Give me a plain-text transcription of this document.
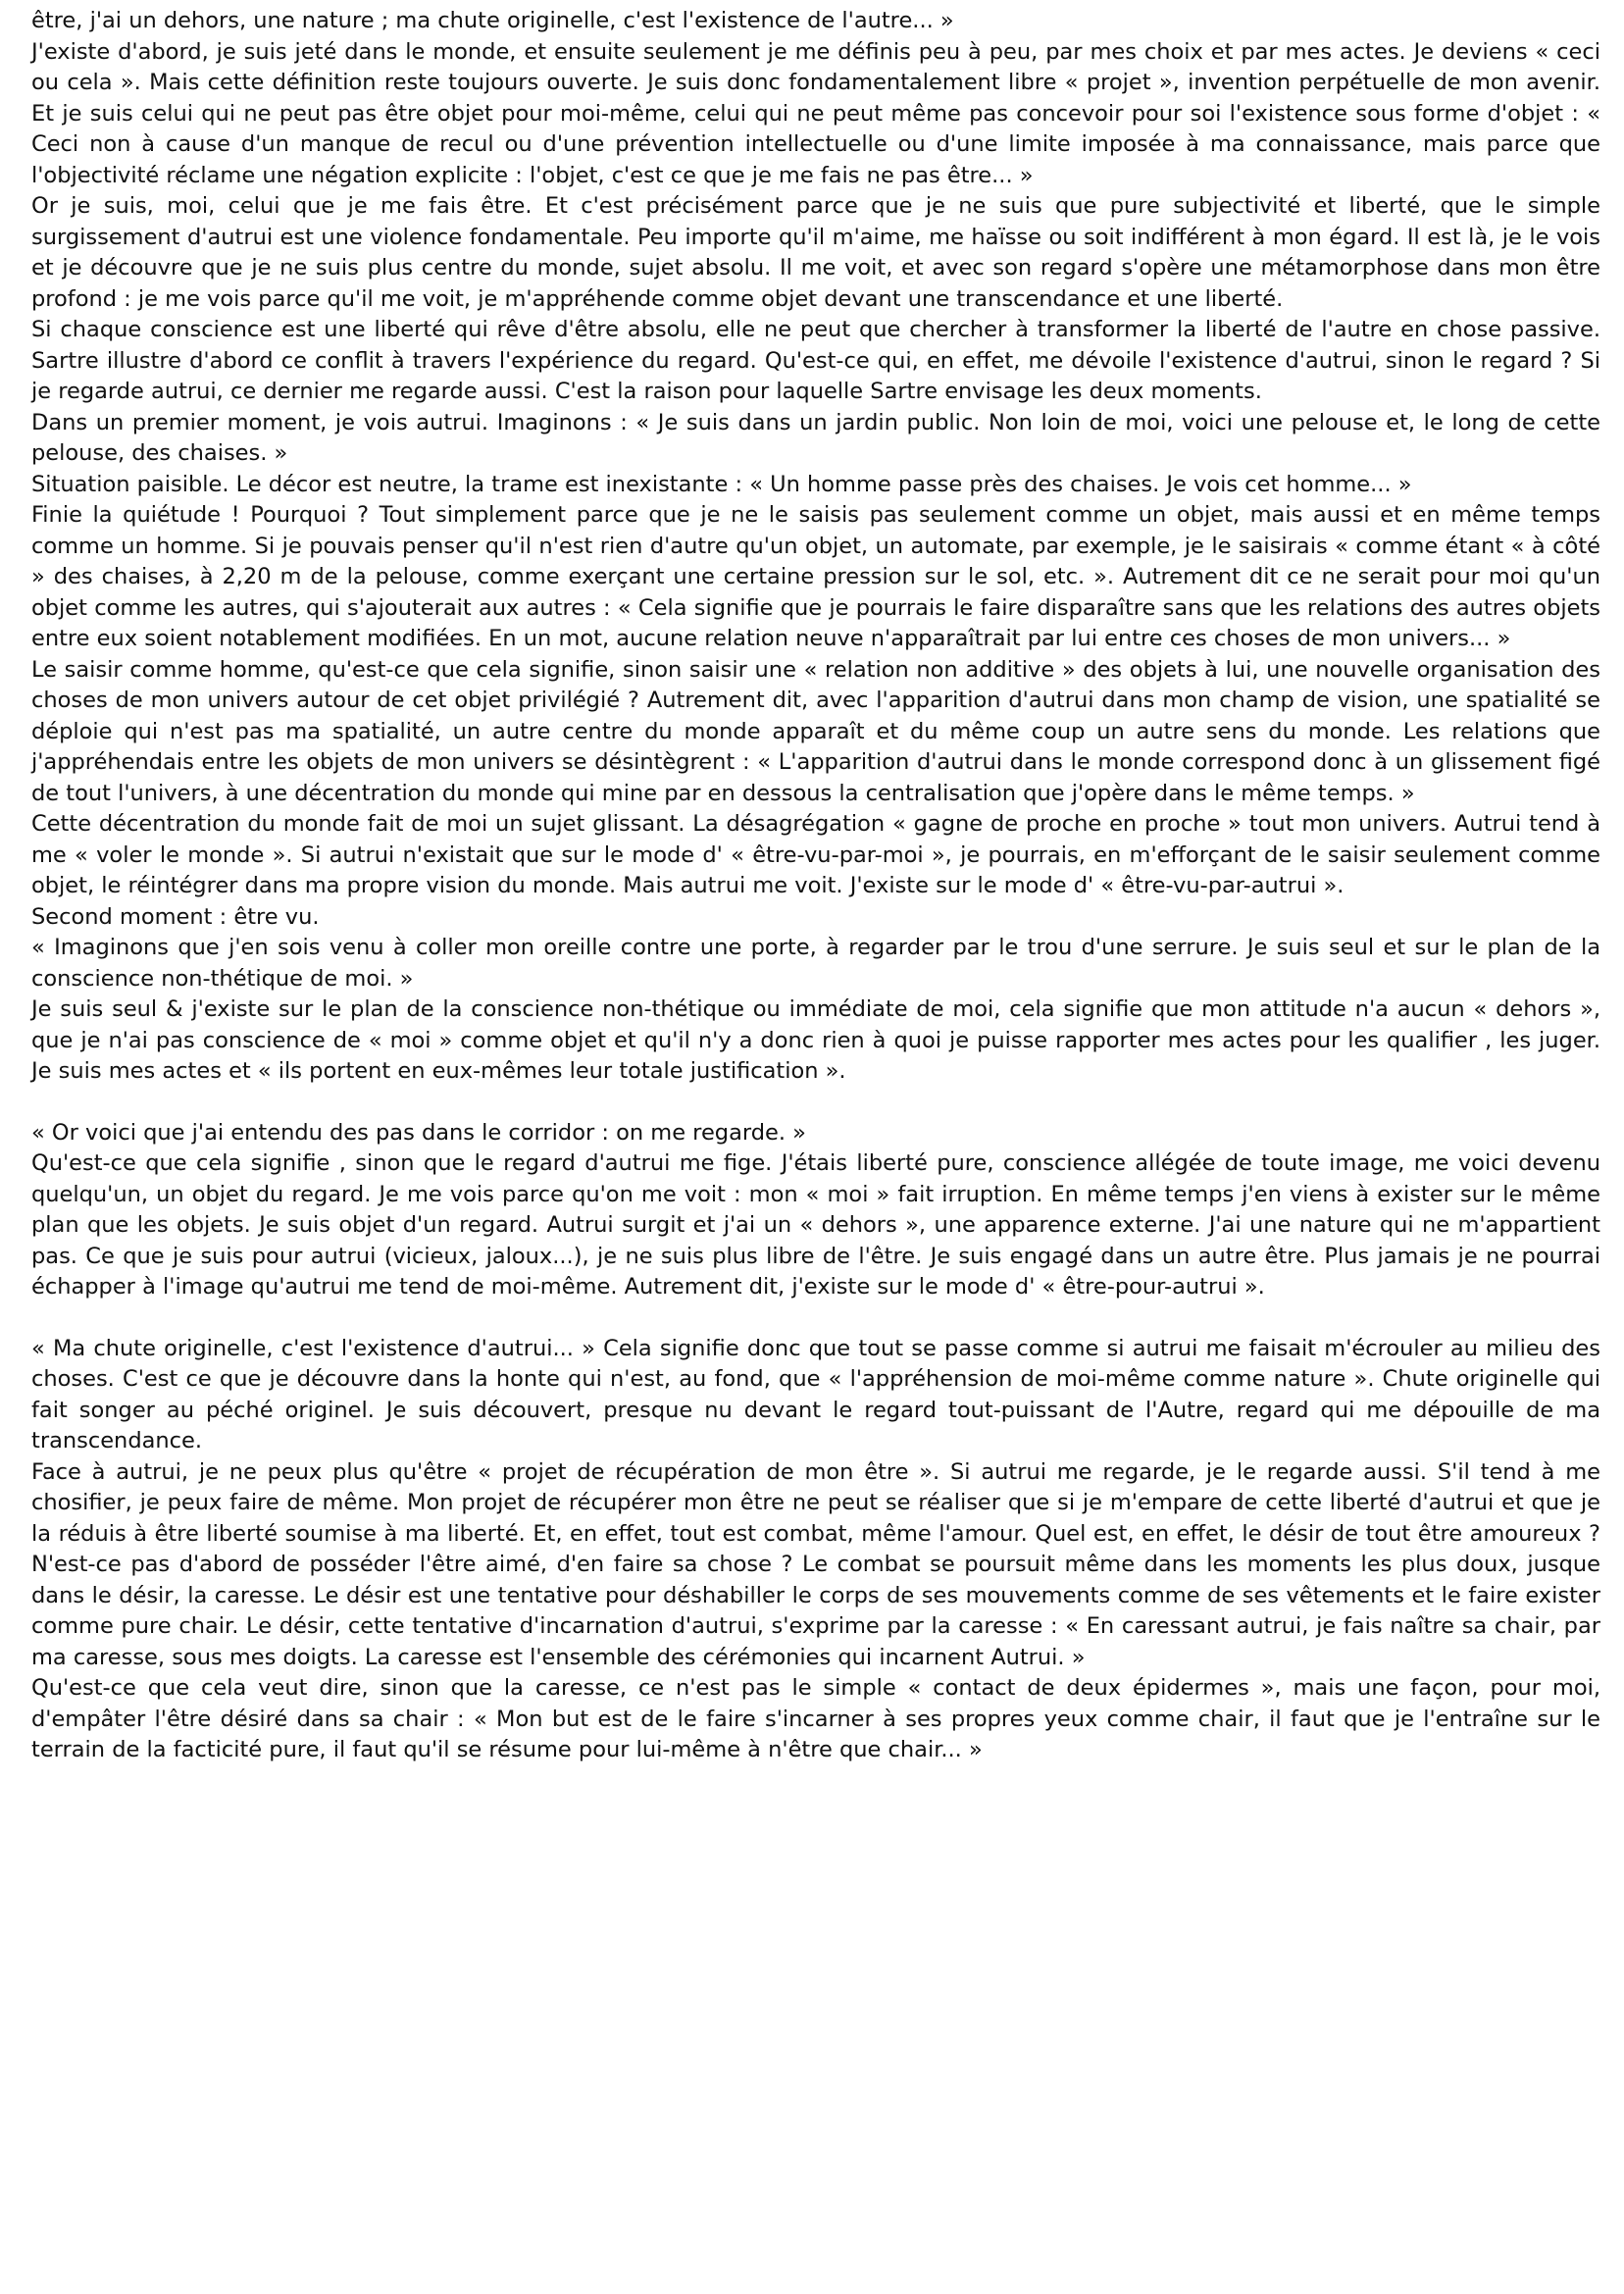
être, j'ai un dehors, une nature ; ma chute originelle, c'est l'existence de l'autre... »

J'existe d'abord, je suis jeté dans le monde, et ensuite seulement je me définis peu à peu, par mes choix et par mes actes. Je deviens « ceci ou cela ». Mais cette définition reste toujours ouverte. Je suis donc fondamentalement libre « projet », invention perpétuelle de mon avenir. Et je suis celui qui ne peut pas être objet pour moi-même, celui qui ne peut même pas concevoir pour soi l'existence sous forme d'objet : « Ceci non à cause d'un manque de recul ou d'une prévention intellectuelle ou d'une limite imposée à ma connaissance, mais parce que l'objectivité réclame une négation explicite : l'objet, c'est ce que je me fais ne pas être... »

Or je suis, moi, celui que je me fais être. Et c'est précisément parce que je ne suis que pure subjectivité et liberté, que le simple surgissement d'autrui est une violence fondamentale. Peu importe qu'il m'aime, me haïsse ou soit indifférent à mon égard. Il est là, je le vois et je découvre que je ne suis plus centre du monde, sujet absolu. Il me voit, et avec son regard s'opère une métamorphose dans mon être profond : je me vois parce qu'il me voit, je m'appréhende comme objet devant une transcendance et une liberté.

Si chaque conscience est une liberté qui rêve d'être absolu, elle ne peut que chercher à transformer la liberté de l'autre en chose passive. Sartre illustre d'abord ce conflit à travers l'expérience du regard. Qu'est-ce qui, en effet, me dévoile l'existence d'autrui, sinon le regard ? Si je regarde autrui, ce dernier me regarde aussi. C'est la raison pour laquelle Sartre envisage les deux moments.

Dans un premier moment, je vois autrui. Imaginons : « Je suis dans un jardin public. Non loin de moi, voici une pelouse et, le long de cette pelouse, des chaises. »

Situation paisible. Le décor est neutre, la trame est inexistante : « Un homme passe près des chaises. Je vois cet homme... »

Finie la quiétude ! Pourquoi ? Tout simplement parce que je ne le saisis pas seulement comme un objet, mais aussi et en même temps comme un homme. Si je pouvais penser qu'il n'est rien d'autre qu'un objet, un automate, par exemple, je le saisirais « comme étant « à côté » des chaises, à 2,20 m de la pelouse, comme exerçant une certaine pression sur le sol, etc. ». Autrement dit ce ne serait pour moi qu'un objet comme les autres, qui s'ajouterait aux autres : « Cela signifie que je pourrais le faire disparaître sans que les relations des autres objets entre eux soient notablement modifiées. En un mot, aucune relation neuve n'apparaîtrait par lui entre ces choses de mon univers... »

Le saisir comme homme, qu'est-ce que cela signifie, sinon saisir une « relation non additive » des objets à lui, une nouvelle organisation des choses de mon univers autour de cet objet privilégié ? Autrement dit, avec l'apparition d'autrui dans mon champ de vision, une spatialité se déploie qui n'est pas ma spatialité, un autre centre du monde apparaît et du même coup un autre sens du monde. Les relations que j'appréhendais entre les objets de mon univers se désintègrent : « L'apparition d'autrui dans le monde correspond donc à un glissement figé de tout l'univers, à une décentration du monde qui mine par en dessous la centralisation que j'opère dans le même temps. »

Cette décentration du monde fait de moi un sujet glissant. La désagrégation « gagne de proche en proche » tout mon univers. Autrui tend à me « voler le monde ». Si autrui n'existait que sur le mode d' « être-vu-par-moi », je pourrais, en m'efforçant de le saisir seulement comme objet, le réintégrer dans ma propre vision du monde. Mais autrui me voit. J'existe sur le mode d' « être-vu-par-autrui ».

Second moment : être vu.

« Imaginons que j'en sois venu à coller mon oreille contre une porte, à regarder par le trou d'une serrure. Je suis seul et sur le plan de la conscience non-thétique de moi. »

Je suis seul & j'existe sur le plan de la conscience non-thétique ou immédiate de moi, cela signifie que mon attitude n'a aucun « dehors », que je n'ai pas conscience de « moi » comme objet et qu'il n'y a donc rien à quoi je puisse rapporter mes actes pour les qualifier , les juger. Je suis mes actes et « ils portent en eux-mêmes leur totale justification ».

« Or voici que j'ai entendu des pas dans le corridor : on me regarde. »

Qu'est-ce que cela signifie , sinon que le regard d'autrui me fige. J'étais liberté pure, conscience allégée de toute image, me voici devenu quelqu'un, un objet du regard. Je me vois parce qu'on me voit : mon « moi » fait irruption. En même temps j'en viens à exister sur le même plan que les objets. Je suis objet d'un regard. Autrui surgit et j'ai un « dehors », une apparence externe. J'ai une nature qui ne m'appartient pas. Ce que je suis pour autrui (vicieux, jaloux...), je ne suis plus libre de l'être. Je suis engagé dans un autre être. Plus jamais je ne pourrai échapper à l'image qu'autrui me tend de moi-même. Autrement dit, j'existe sur le mode d' « être-pour-autrui ».

« Ma chute originelle, c'est l'existence d'autrui... » Cela signifie donc que tout se passe comme si autrui me faisait m'écrouler au milieu des choses. C'est ce que je découvre dans la honte qui n'est, au fond, que « l'appréhension de moi-même comme nature ». Chute originelle qui fait songer au péché originel. Je suis découvert, presque nu devant le regard tout-puissant de l'Autre, regard qui me dépouille de ma transcendance.

Face à autrui, je ne peux plus qu'être « projet de récupération de mon être ». Si autrui me regarde, je le regarde aussi. S'il tend à me chosifier, je peux faire de même. Mon projet de récupérer mon être ne peut se réaliser que si je m'empare de cette liberté d'autrui et que je la réduis à être liberté soumise à ma liberté. Et, en effet, tout est combat, même l'amour. Quel est, en effet, le désir de tout être amoureux ? N'est-ce pas d'abord de posséder l'être aimé, d'en faire sa chose ? Le combat se poursuit même dans les moments les plus doux, jusque dans le désir, la caresse. Le désir est une tentative pour déshabiller le corps de ses mouvements comme de ses vêtements et le faire exister comme pure chair. Le désir, cette tentative d'incarnation d'autrui, s'exprime par la caresse : « En caressant autrui, je fais naître sa chair, par ma caresse, sous mes doigts. La caresse est l'ensemble des cérémonies qui incarnent Autrui. »

Qu'est-ce que cela veut dire, sinon que la caresse, ce n'est pas le simple « contact de deux épidermes », mais une façon, pour moi, d'empâter l'être désiré dans sa chair : « Mon but est de le faire s'incarner à ses propres yeux comme chair, il faut que je l'entraîne sur le terrain de la facticité pure, il faut qu'il se résume pour lui-même à n'être que chair... »
